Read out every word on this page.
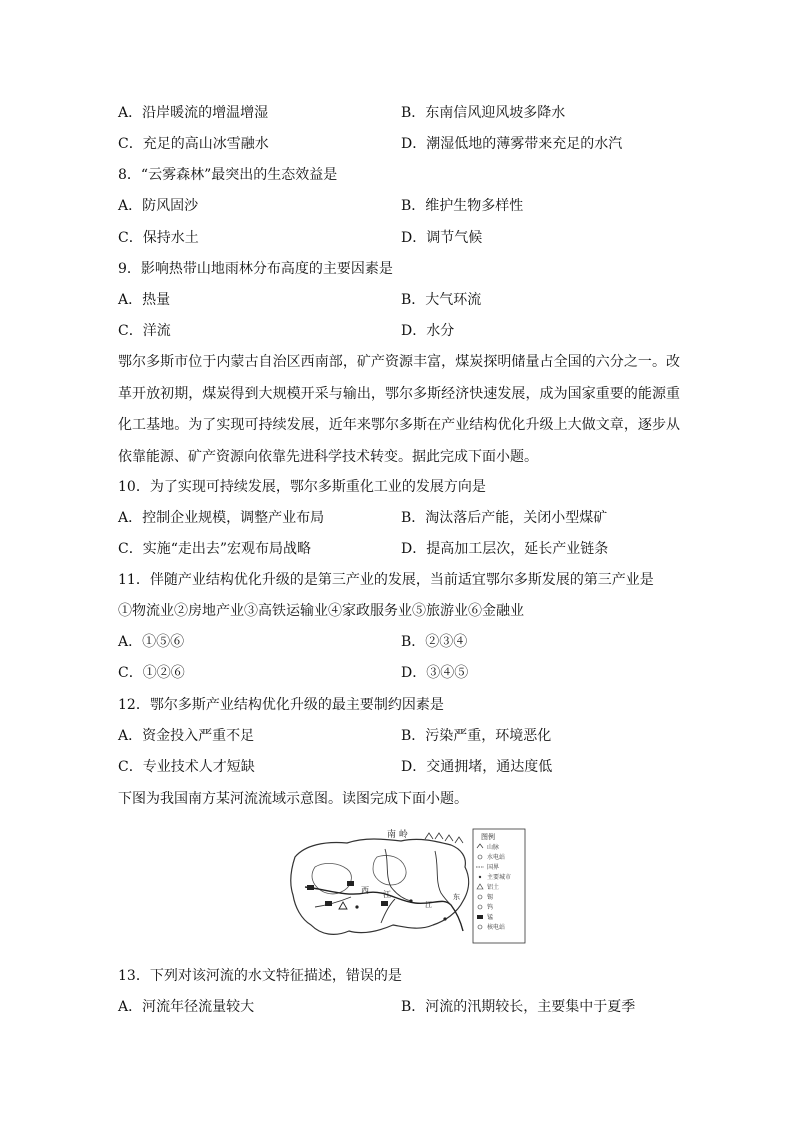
A．沿岸暖流的增温增湿	B．东南信风迎风坡多降水
C．充足的高山冰雪融水	D．潮湿低地的薄雾带来充足的水汽
8．“云雾森林”最突出的生态效益是
A．防风固沙	B．维护生物多样性
C．保持水土	D．调节气候
9．影响热带山地雨林分布高度的主要因素是
A．热量	B．大气环流
C．洋流	D．水分
鄂尔多斯市位于内蒙古自治区西南部，矿产资源丰富，煤炭探明储量占全国的六分之一。改革开放初期，煤炭得到大规模开采与输出，鄂尔多斯经济快速发展，成为国家重要的能源重化工基地。为了实现可持续发展，近年来鄂尔多斯在产业结构优化升级上大做文章，逐步从依靠能源、矿产资源向依靠先进科学技术转变。据此完成下面小题。
10．为了实现可持续发展，鄂尔多斯重化工业的发展方向是
A．控制企业规模，调整产业布局	B．淘汰落后产能，关闭小型煤矿
C．实施“走出去”宏观布局战略	D．提高加工层次，延长产业链条
11．伴随产业结构优化升级的是第三产业的发展，当前适宜鄂尔多斯发展的第三产业是
①物流业②房地产业③高铁运输业④家政服务业⑤旅游业⑥金融业
A．①⑤⑥	B．②③④
C．①②⑥	D．③④⑤
12．鄂尔多斯产业结构优化升级的最主要制约因素是
A．资金投入严重不足	B．污染严重，环境恶化
C．专业技术人才短缺	D．交通拥堵，通达度低
下图为我国南方某河流流域示意图。读图完成下面小题。
南 岭
西 江
江
东
图例
山脉
水电站
国界
主要城市
铝土
锡
钨
锰
核电站
13．下列对该河流的水文特征描述，错误的是
A．河流年径流量较大	B．河流的汛期较长，主要集中于夏季
